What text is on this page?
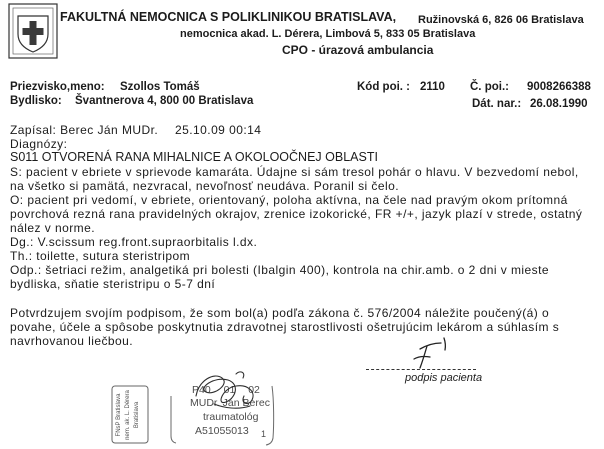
FAKULTNÁ NEMOCNICA S POLIKLINIKOU BRATISLAVA, Ružinovská 6, 826 06 Bratislava
nemocnica akad. L. Dérera, Limbová 5, 833 05 Bratislava
CPO - úrazová ambulancia
Priezvisko,meno: Szollos Tomáš	Kód poi. : 2110 Č. poi.: 9008266388
Bydlisko: Švantnerova 4, 800 00 Bratislava	Dát. nar.: 26.08.1990
Zapísal: Berec Ján MUDr. 25.10.09 00:14
Diagnózy:
S011 OTVORENÁ RANA MIHALNICE A OKOLOOČNEJ OBLASTI
S: pacient v ebriete v sprievode kamaráta. Údajne si sám tresol pohár o hlavu. V bezvedomí nebol,
na všetko si pamätá, nezvracal, nevoľnosť neudáva. Poranil si čelo.
O: pacient pri vedomí, v ebriete, orientovaný, poloha aktívna, na čele nad pravým okom prítomná
povrchová rezná rana pravidelných okrajov, zrenice izokorické, FR +/+, jazyk plazí v strede, ostatný
nález v norme.
Dg.: V.scissum reg.front.supraorbitalis l.dx.
Th.: toilette, sutura steristripom
Odp.: šetriaci režim, analgetiká pri bolesti (Ibalgin 400), kontrola na chir.amb. o 2 dni v mieste
bydliska, sňatie steristripu o 5-7 dní
Potvrdzujem svojím podpisom, že som bol(a) podľa zákona č. 576/2004 náležite poučený(á) o
povahe, účele a spôsobe poskytnutia zdravotnej starostlivosti ošetrujúcim lekárom a súhlasím s
navrhovanou liečbou.
podpis pacienta
FNsP Bratislava nem. ak. L. Dérera Bratislava
P40 01 02
MUDr. Ján Berec
traumatológ
A51055013 1
